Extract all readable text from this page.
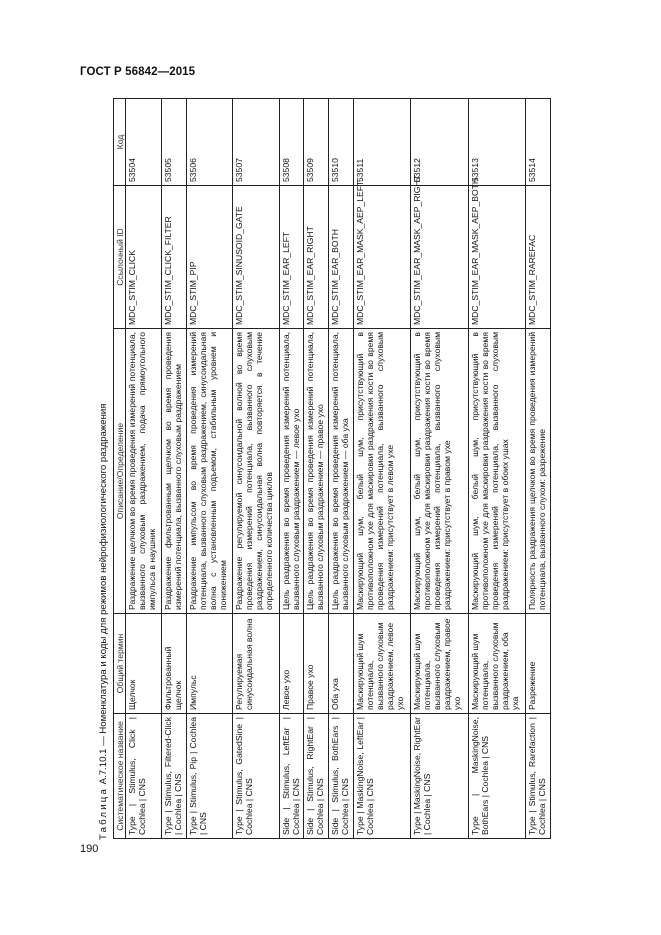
ГОСТ Р 56842—2015
Таблица А.7.10.1 — Номенклатура и коды для режимов нейрофизиологического раздражения Систематическое название	Общий термин	Описание/Определение	Ссылочный ID	Код
Type | Stimulus, Click | Cochlea | CNS	Щелчок	Раздражение щелчком во время проведения измерений потенциала, вызванного слуховым раздражением, подача прямоугольного импульса в наушник	MDC_STIM_CLICK	53504
Type | Stimulus, Filtered-Click | Cochlea | CNS	Фильтрованный щелчок	Раздражение фильтрованным щелчком во время проведения измерений потенциала, вызванного слуховым раздражением	MDC_STIM_CLICK_FILTER	53505
Type | Stimulus, Pip | Cochlea | CNS	Импульс	Раздражение импульсом во время проведения измерений потенциала, вызванного слуховым раздражением, синусоидальная волна с установленным подъемом, стабильным уровнем и понижением	MDC_STIM_PIP	53506
Type | Stimulus, GatedSine | Cochlea | CNS	Регулируемая синусоидальная волна	Раздражение регулируемой синусоидальной волной во время проведения измерений потенциала, вызванного слуховым раздражением, синусоидальная волна повторяется в течение определенного количества циклов	MDC_STIM_SINUSOID_GATE	53507
Side | Stimulus, LeftEar | Cochlea | CNS	Левое ухо	Цель раздражения во время проведения измерений потенциала, вызванного слуховым раздражением — левое ухо	MDC_STIM_EAR_LEFT	53508
Side | Stimulus, RightEar | Cochlea | CNS	Правое ухо	Цель раздражения во время проведения измерений потенциала, вызванного слуховым раздражением — правое ухо	MDC_STIM_EAR_RIGHT	53509
Side | Stimulus, BothEars | Cochlea | CNS	Оба уха	Цель раздражения во время проведения измерений потенциала, вызванного слуховым раздражением — оба уха	MDC_STIM_EAR_BOTH	53510
Type | MaskingNoise, LeftEar | Cochlea | CNS	Маскирующий шум потенциала, вызванного слуховым раздражением, левое ухо	Маскирующий шум, белый шум, присутствующий в противоположном ухе для маскировки раздражения кости во время проведения измерений потенциала, вызванного слуховым раздражением: присутствует в левом ухе	MDC_STIM_EAR_MASK_AEP_LEFT	53511
Type | MaskingNoise, RightEar | Cochlea | CNS	Маскирующий шум потенциала, вызванного слуховым раздражением, правое ухо	Маскирующий шум, белый шум, присутствующий в противоположном ухе для маскировки раздражения кости во время проведения измерений потенциала, вызванного слуховым раздражением: присутствует в правом ухе	MDC_STIM_EAR_MASK_AEP_RIGHT	53512
Type | MaskingNoise, BothEars | Cochlea | CNS	Маскирующий шум потенциала, вызванного слуховым раздражением, оба уха	Маскирующий шум, белый шум, присутствующий в противоположном ухе для маскировки раздражения кости во время проведения измерений потенциала, вызванного слуховым раздражением: присутствует в обоих ушах	MDC_STIM_EAR_MASK_AEP_BOTH	53513
Type | Stimulus, Rarefaction | Cochlea | CNS	Разрежение	Полярность раздражения щелчком во время проведения измерений потенциала, вызванного слухом: разрежение	MDC_STIM_RAREFAC	53514
190
